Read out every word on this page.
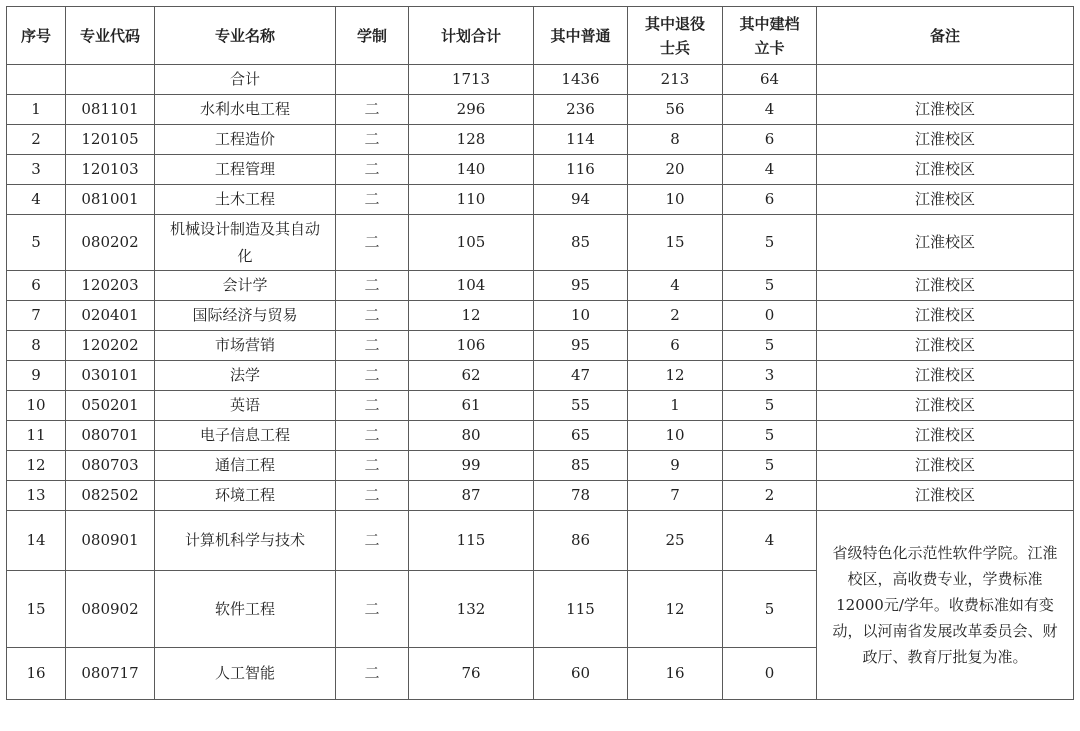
序号	专业代码	专业名称	学制	计划合计	其中普通	其中退役士兵	其中建档立卡	备注
		合计		1713	1436	213	64	
1	081101	水利水电工程	二	296	236	56	4	江淮校区
2	120105	工程造价	二	128	114	8	6	江淮校区
3	120103	工程管理	二	140	116	20	4	江淮校区
4	081001	土木工程	二	110	94	10	6	江淮校区
5	080202	机械设计制造及其自动化	二	105	85	15	5	江淮校区
6	120203	会计学	二	104	95	4	5	江淮校区
7	020401	国际经济与贸易	二	12	10	2	0	江淮校区
8	120202	市场营销	二	106	95	6	5	江淮校区
9	030101	法学	二	62	47	12	3	江淮校区
10	050201	英语	二	61	55	1	5	江淮校区
11	080701	电子信息工程	二	80	65	10	5	江淮校区
12	080703	通信工程	二	99	85	9	5	江淮校区
13	082502	环境工程	二	87	78	7	2	江淮校区
14	080901	计算机科学与技术	二	115	86	25	4	省级特色化示范性软件学院。江淮校区，高收费专业，学费标准12000元/学年。收费标准如有变动，以河南省发展改革委员会、财政厅、教育厅批复为准。
15	080902	软件工程	二	132	115	12	5	
16	080717	人工智能	二	76	60	16	0	
